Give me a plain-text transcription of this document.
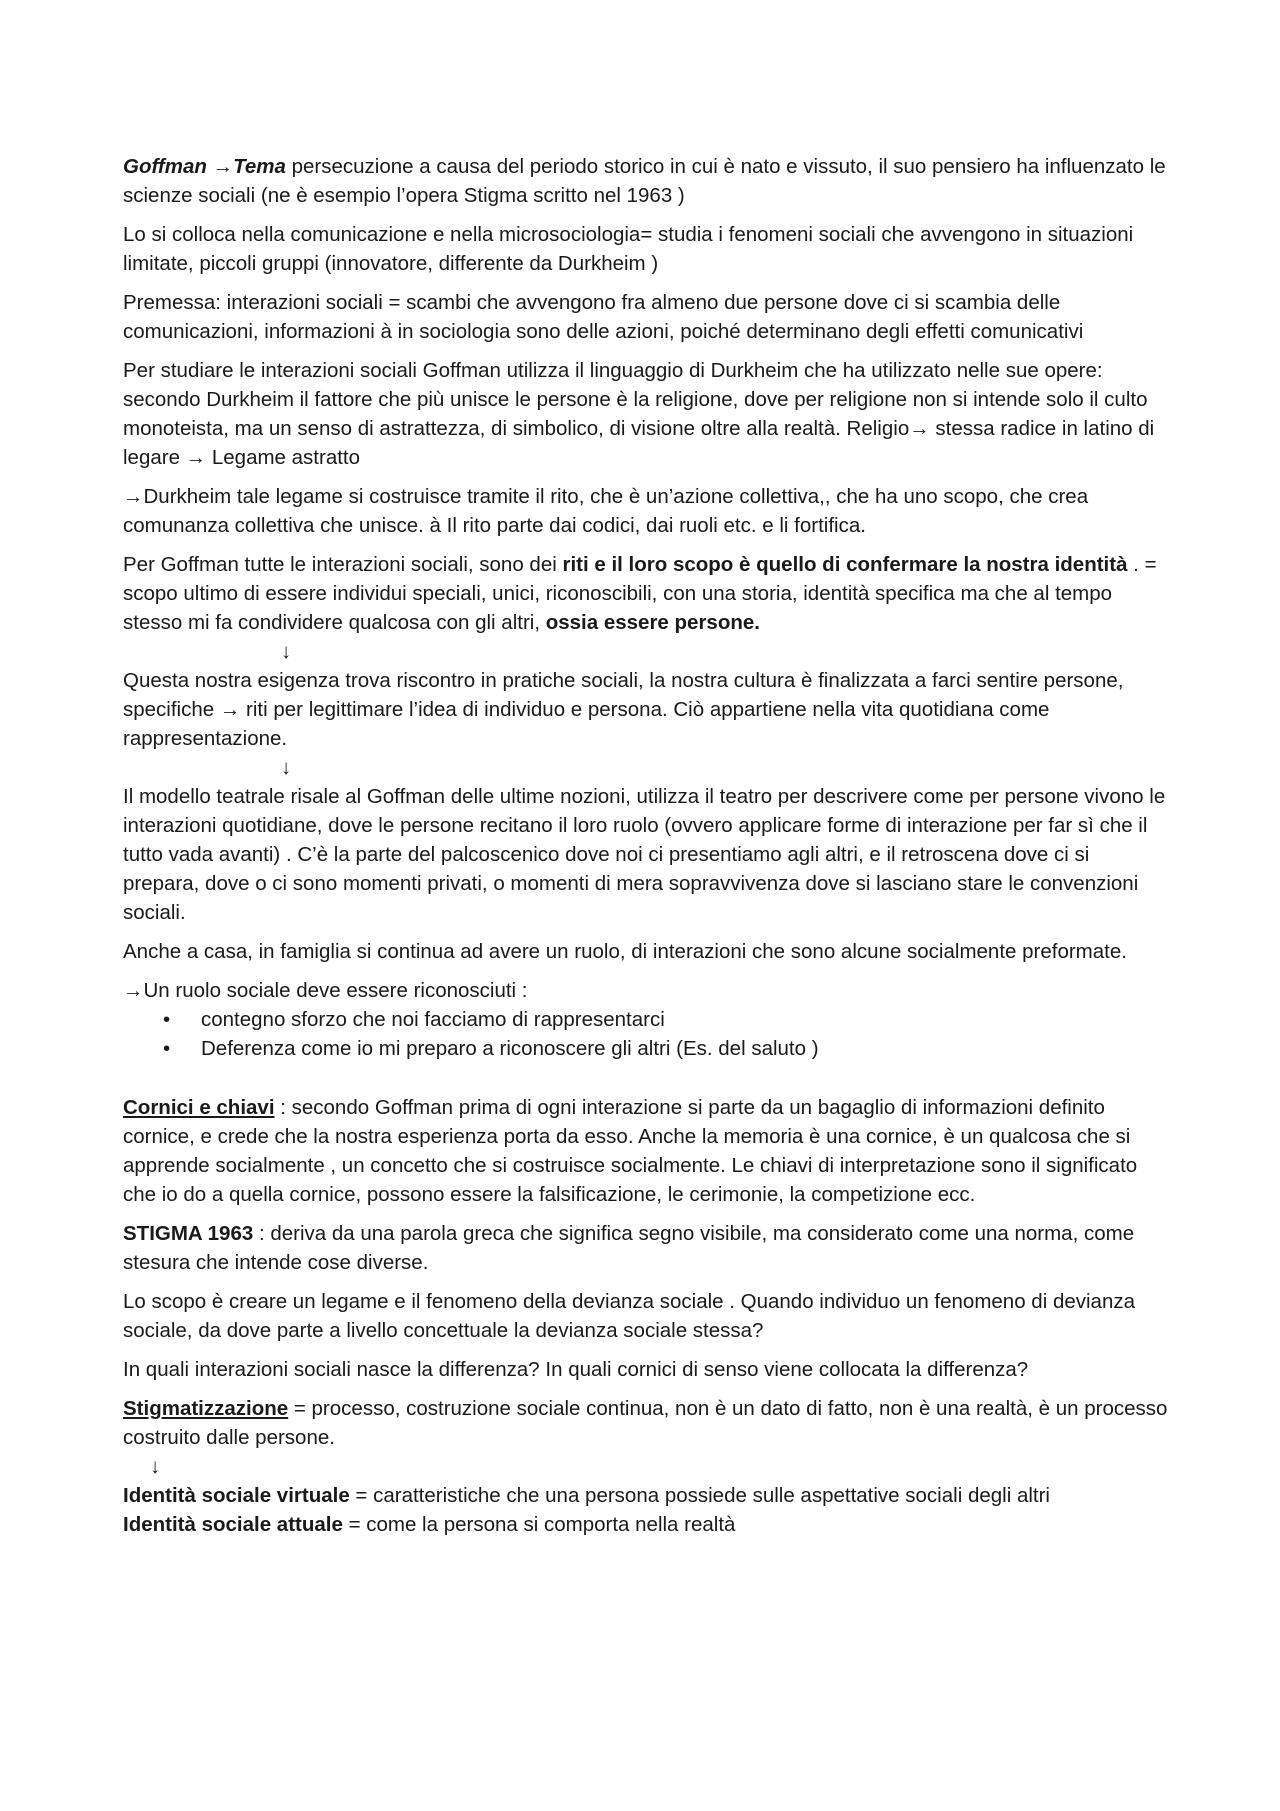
Goffman →Tema persecuzione a causa del periodo storico in cui è nato e vissuto, il suo pensiero ha influenzato le scienze sociali (ne è esempio l’opera Stigma scritto nel 1963 )

Lo si colloca nella comunicazione e nella microsociologia= studia i fenomeni sociali che avvengono in situazioni limitate, piccoli gruppi (innovatore, differente da Durkheim )

Premessa: interazioni sociali = scambi che avvengono fra almeno due persone dove ci si scambia delle comunicazioni, informazioni à in sociologia sono delle azioni, poiché determinano degli effetti comunicativi

Per studiare le interazioni sociali Goffman utilizza il linguaggio di Durkheim che ha utilizzato nelle sue opere: secondo Durkheim il fattore che più unisce le persone è la religione, dove per religione non si intende solo il culto monoteista, ma un senso di astrattezza, di simbolico, di visione oltre alla realtà. Religio→ stessa radice in latino di legare → Legame astratto

→Durkheim tale legame si costruisce tramite il rito, che è un’azione collettiva,, che ha uno scopo, che crea comunanza collettiva che unisce. à Il rito parte dai codici, dai ruoli etc. e li fortifica.

Per Goffman tutte le interazioni sociali, sono dei riti e il loro scopo è quello di confermare la nostra identità . = scopo ultimo di essere individui speciali, unici, riconoscibili, con una storia, identità specifica ma che al tempo stesso mi fa condividere qualcosa con gli altri, ossia essere persone.

↓

Questa nostra esigenza trova riscontro in pratiche sociali, la nostra cultura è finalizzata a farci sentire persone, specifiche → riti per legittimare l’idea di individuo e persona. Ciò appartiene nella vita quotidiana come rappresentazione.

↓

Il modello teatrale risale al Goffman delle ultime nozioni, utilizza il teatro per descrivere come per persone vivono le interazioni quotidiane, dove le persone recitano il loro ruolo (ovvero applicare forme di interazione per far sì che il tutto vada avanti) . C’è la parte del palcoscenico dove noi ci presentiamo agli altri, e il retroscena dove ci si prepara, dove o ci sono momenti privati, o momenti di mera sopravvivenza dove si lasciano stare le convenzioni sociali.

Anche a casa, in famiglia si continua ad avere un ruolo, di interazioni che sono alcune socialmente preformate.

→Un ruolo sociale deve essere riconosciuti :

• contegno sforzo che noi facciamo di rappresentarci
• Deferenza come io mi preparo a riconoscere gli altri (Es. del saluto )

Cornici e chiavi : secondo Goffman prima di ogni interazione si parte da un bagaglio di informazioni definito cornice, e crede che la nostra esperienza porta da esso. Anche la memoria è una cornice, è un qualcosa che si apprende socialmente , un concetto che si costruisce socialmente. Le chiavi di interpretazione sono il significato che io do a quella cornice, possono essere la falsificazione, le cerimonie, la competizione ecc.

STIGMA 1963 : deriva da una parola greca che significa segno visibile, ma considerato come una norma, come stesura che intende cose diverse.

Lo scopo è creare un legame e il fenomeno della devianza sociale . Quando individuo un fenomeno di devianza sociale, da dove parte a livello concettuale la devianza sociale stessa?

In quali interazioni sociali nasce la differenza? In quali cornici di senso viene collocata la differenza?

Stigmatizzazione = processo, costruzione sociale continua, non è un dato di fatto, non è una realtà, è un processo costruito dalle persone.

↓

Identità sociale virtuale = caratteristiche che una persona possiede sulle aspettative sociali degli altri

Identità sociale attuale = come la persona si comporta nella realtà
